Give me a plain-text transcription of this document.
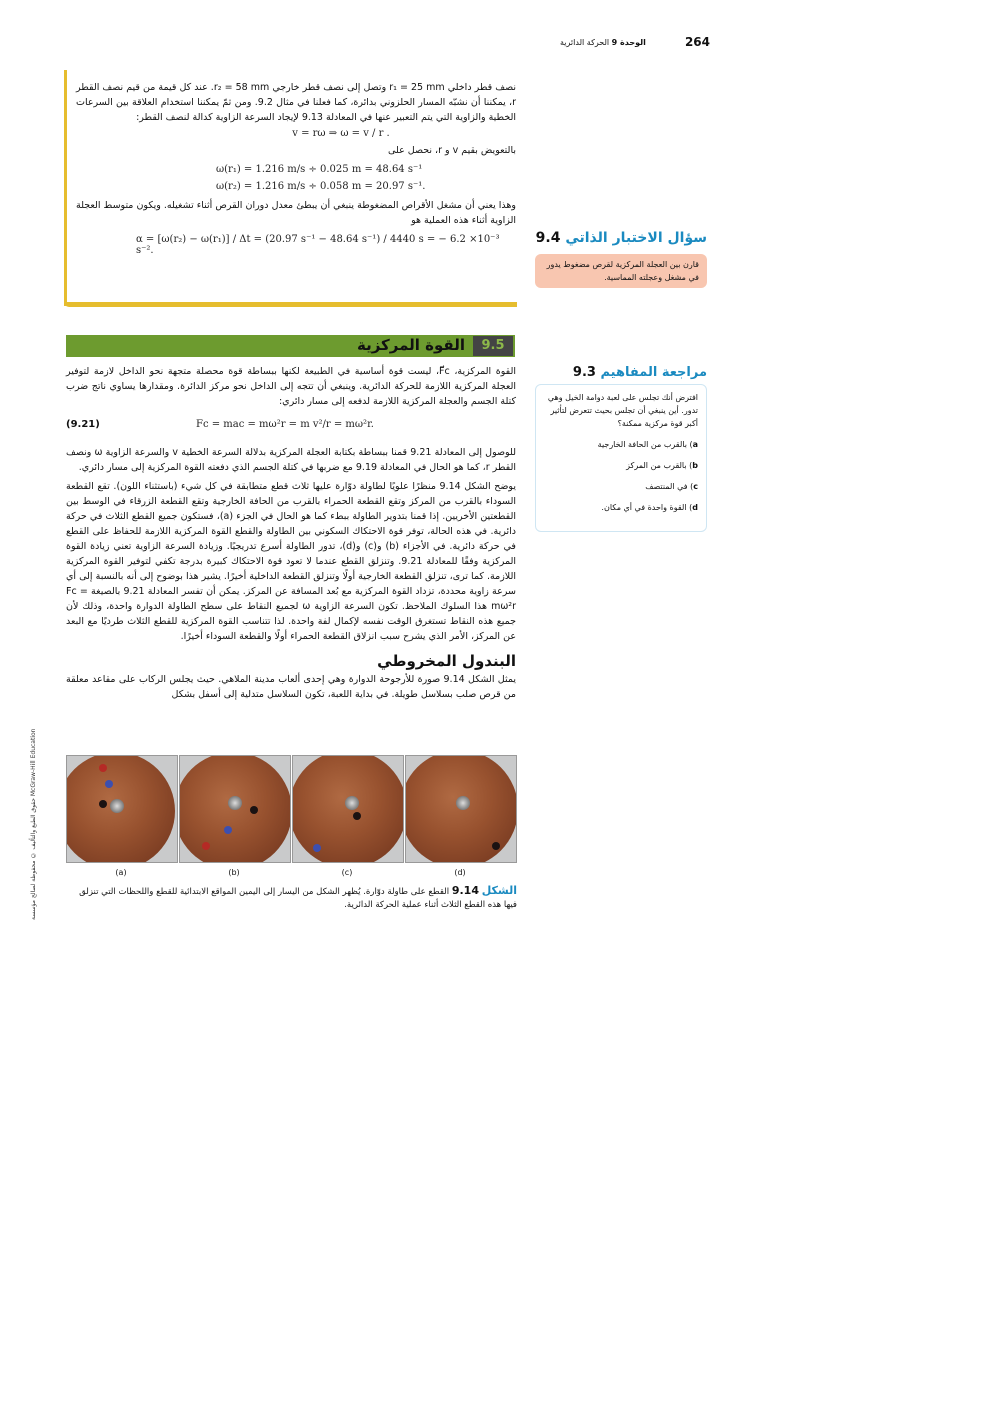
264
الوحدة 9 الحركة الدائرية

نصف قطر داخلي r₁ = 25 mm وتصل إلى نصف قطر خارجي r₂ = 58 mm. عند كل قيمة من قيم نصف القطر r، يمكننا أن نشبّه المسار الحلزوني بدائرة، كما فعلنا في مثال 9.2. ومن ثمّ يمكننا استخدام العلاقة بين السرعات الخطية والزاوية التي يتم التعبير عنها في المعادلة 9.13 لإيجاد السرعة الزاوية كدالة لنصف القطر:

v = rω ⇒ ω = v / r .

بالتعويض بقيم v و r، نحصل على

ω(r₁) = 1.216 m/s ÷ 0.025 m = 48.64 s⁻¹
ω(r₂) = 1.216 m/s ÷ 0.058 m = 20.97 s⁻¹.

وهذا يعني أن مشغل الأقراص المضغوطة ينبغي أن يبطئ معدل دوران القرص أثناء تشغيله. ويكون متوسط العجلة الزاوية أثناء هذه العملية هو

α = [ω(r₂) − ω(r₁)] / Δt = (20.97 s⁻¹ − 48.64 s⁻¹) / 4440 s = − 6.2 ×10⁻³ s⁻².
سؤال الاختبار الذاتي 9.4
قارن بين العجلة المركزية لقرص مضغوط يدور في مشغل وعجلته المماسية.
9.5
القوة المركزية

القوة المركزية، F⃗c، ليست قوة أساسية في الطبيعة لكنها ببساطة قوة محصلة متجهة نحو الداخل لازمة لتوفير العجلة المركزية اللازمة للحركة الدائرية. وينبغي أن تتجه إلى الداخل نحو مركز الدائرة. ومقدارها يساوي ناتج ضرب كتلة الجسم والعجلة المركزية اللازمة لدفعه إلى مسار دائري:

(9.21)	Fc = mac = mω²r = m v²/r = mω²r.

للوصول إلى المعادلة 9.21 قمنا ببساطة بكتابة العجلة المركزية بدلالة السرعة الخطية v والسرعة الزاوية ω ونصف القطر r، كما هو الحال في المعادلة 9.19 مع ضربها في كتلة الجسم الذي دفعته القوة المركزية إلى مسار دائري.

يوضح الشكل 9.14 منظرًا علويًا لطاولة دوّارة عليها ثلاث قطع متطابقة في كل شيء (باستثناء اللون). تقع القطعة السوداء بالقرب من المركز وتقع القطعة الحمراء بالقرب من الحافة الخارجية وتقع القطعة الزرقاء في الوسط بين القطعتين الأخريين. إذا قمنا بتدوير الطاولة ببطء كما هو الحال في الجزء (a)، فستكون جميع القطع الثلاث في حركة دائرية. في هذه الحالة، توفر قوة الاحتكاك السكوني بين الطاولة والقطع القوة المركزية اللازمة للحفاظ على القطع في حركة دائرية. في الأجزاء (b) و(c) و(d)، تدور الطاولة أسرع تدريجيًا. وزيادة السرعة الزاوية تعني زيادة القوة المركزية وفقًا للمعادلة 9.21. وتنزلق القطع عندما لا تعود قوة الاحتكاك كبيرة بدرجة تكفي لتوفير القوة المركزية اللازمة. كما ترى، تنزلق القطعة الخارجية أولًا وتنزلق القطعة الداخلية أخيرًا. يشير هذا بوضوح إلى أنه بالنسبة إلى أي سرعة زاوية محددة، تزداد القوة المركزية مع بُعد المسافة عن المركز. يمكن أن تفسر المعادلة 9.21 بالصيغة Fc = mω²r هذا السلوك الملاحظ. تكون السرعة الزاوية ω لجميع النقاط على سطح الطاولة الدوارة واحدة، وذلك لأن جميع هذه النقاط تستغرق الوقت نفسه لإكمال لفة واحدة. لذا تتناسب القوة المركزية للقطع الثلاث طرديًا مع البعد عن المركز، الأمر الذي يشرح سبب انزلاق القطعة الحمراء أولًا والقطعة السوداء أخيرًا.

البندول المخروطي

يمثل الشكل 9.14 صورة للأرجوحة الدوارة وهي إحدى ألعاب مدينة الملاهي. حيث يجلس الركاب على مقاعد معلقة من قرص صلب بسلاسل طويلة. في بداية اللعبة، تكون السلاسل متدلية إلى أسفل بشكل

مراجعة المفاهيم 9.3
افترض أنك تجلس على لعبة دوامة الخيل وهي تدور. أين ينبغي أن تجلس بحيث تتعرض لتأثير أكبر قوة مركزية ممكنة؟
a) بالقرب من الحافة الخارجية
b) بالقرب من المركز
c) في المنتصف
d) القوة واحدة في أي مكان.
(a)	(b)	(c)	(d)
الشكل 9.14 القطع على طاولة دوّارة. يُظهر الشكل من اليسار إلى اليمين المواقع الابتدائية للقطع واللحظات التي تنزلق فيها هذه القطع الثلاث أثناء عملية الحركة الدائرية.
حقوق الطبع والتأليف © محفوظة لصالح مؤسسة McGraw-Hill Education
